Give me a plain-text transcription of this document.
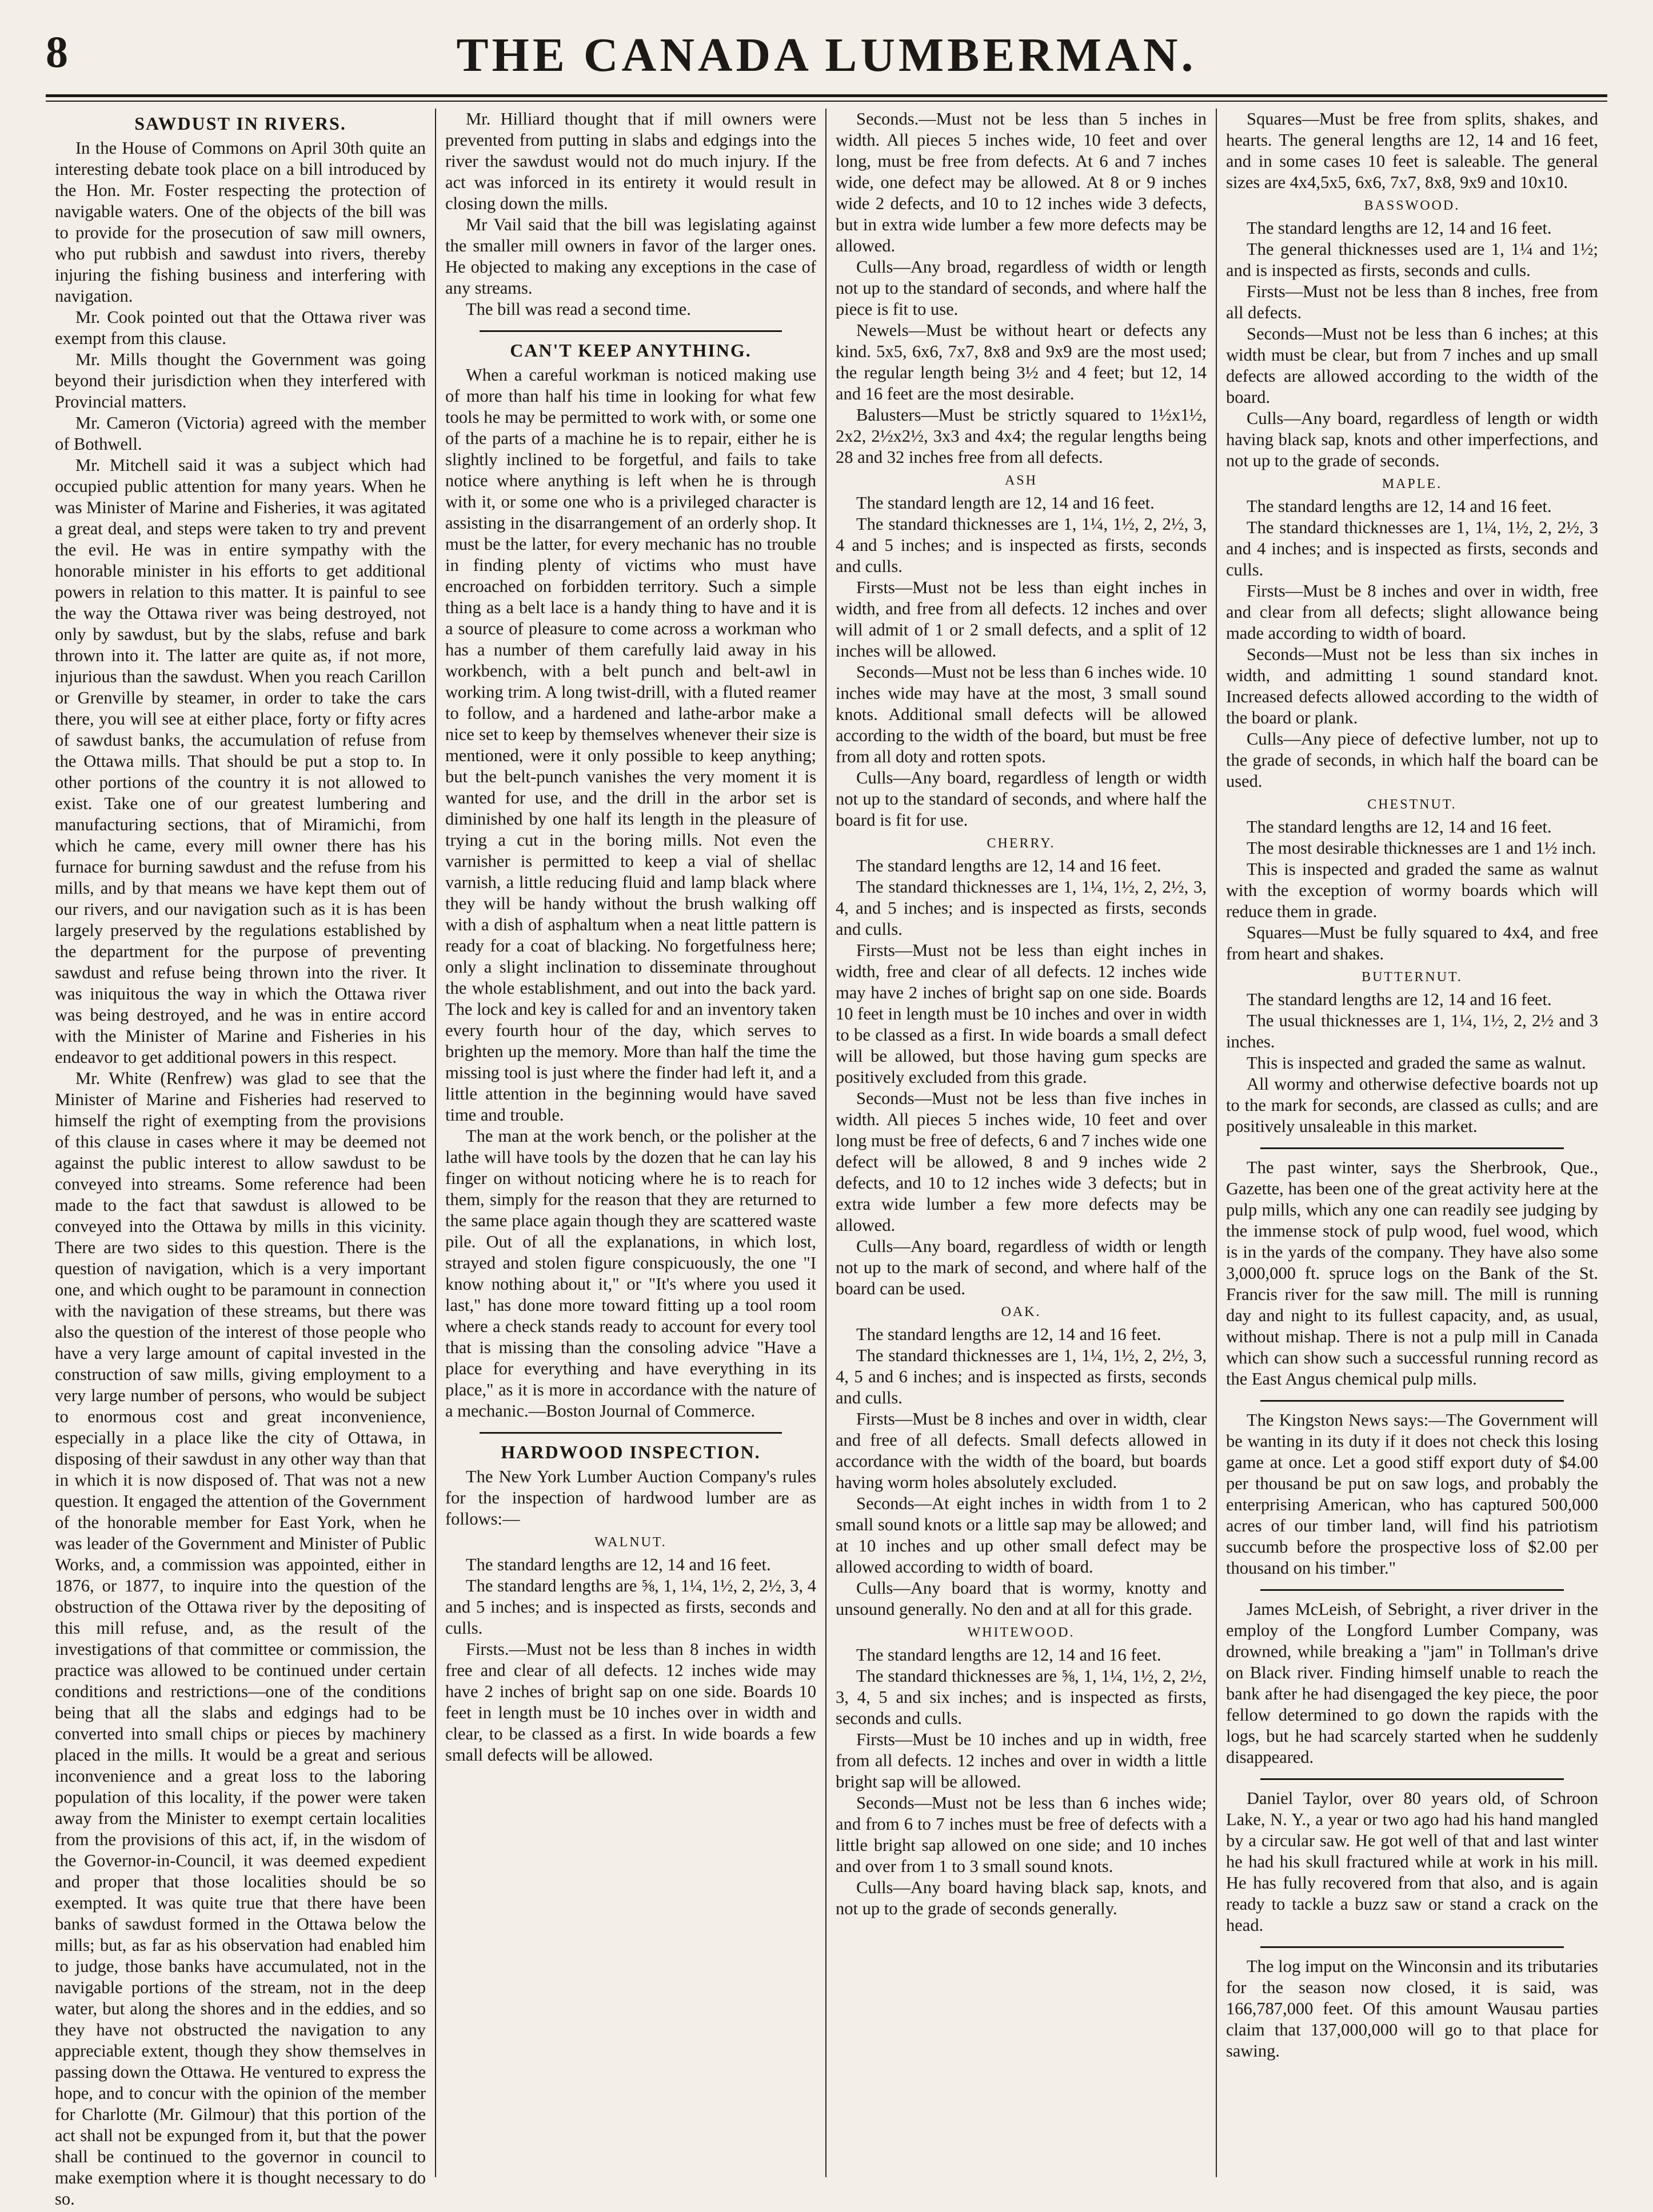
8	THE CANADA LUMBERMAN.
SAWDUST IN RIVERS.

In the House of Commons on April 30th quite an interesting debate took place on a bill introduced by the Hon. Mr. Foster respecting the protection of navigable waters. One of the objects of the bill was to provide for the prosecution of saw mill owners, who put rubbish and sawdust into rivers, thereby injuring the fishing business and interfering with navigation.

Mr. Cook pointed out that the Ottawa river was exempt from this clause.

Mr. Mills thought the Government was going beyond their jurisdiction when they interfered with Provincial matters.

Mr. Cameron (Victoria) agreed with the member of Bothwell.

Mr. Mitchell said it was a subject which had occupied public attention for many years. When he was Minister of Marine and Fisheries, it was agitated a great deal, and steps were taken to try and prevent the evil. He was in entire sympathy with the honorable minister in his efforts to get additional powers in relation to this matter. It is painful to see the way the Ottawa river was being destroyed, not only by sawdust, but by the slabs, refuse and bark thrown into it. The latter are quite as, if not more, injurious than the sawdust. When you reach Carillon or Grenville by steamer, in order to take the cars there, you will see at either place, forty or fifty acres of sawdust banks, the accumulation of refuse from the Ottawa mills. That should be put a stop to. In other portions of the country it is not allowed to exist. Take one of our greatest lumbering and manufacturing sections, that of Miramichi, from which he came, every mill owner there has his furnace for burning sawdust and the refuse from his mills, and by that means we have kept them out of our rivers, and our navigation such as it is has been largely preserved by the regulations established by the department for the purpose of preventing sawdust and refuse being thrown into the river. It was iniquitous the way in which the Ottawa river was being destroyed, and he was in entire accord with the Minister of Marine and Fisheries in his endeavor to get additional powers in this respect.

Mr. White (Renfrew) was glad to see that the Minister of Marine and Fisheries had reserved to himself the right of exempting from the provisions of this clause in cases where it may be deemed not against the public interest to allow sawdust to be conveyed into streams. Some reference had been made to the fact that sawdust is allowed to be conveyed into the Ottawa by mills in this vicinity. There are two sides to this question. There is the question of navigation, which is a very important one, and which ought to be paramount in connection with the navigation of these streams, but there was also the question of the interest of those people who have a very large amount of capital invested in the construction of saw mills, giving employment to a very large number of persons, who would be subject to enormous cost and great inconvenience, especially in a place like the city of Ottawa, in disposing of their sawdust in any other way than that in which it is now disposed of. That was not a new question. It engaged the attention of the Government of the honorable member for East York, when he was leader of the Government and Minister of Public Works, and, a commission was appointed, either in 1876, or 1877, to inquire into the question of the obstruction of the Ottawa river by the depositing of this mill refuse, and, as the result of the investigations of that committee or commission, the practice was allowed to be continued under certain conditions and restrictions—one of the conditions being that all the slabs and edgings had to be converted into small chips or pieces by machinery placed in the mills. It would be a great and serious inconvenience and a great loss to the laboring population of this locality, if the power were taken away from the Minister to exempt certain localities from the provisions of this act, if, in the wisdom of the Governor-in-Council, it was deemed expedient and proper that those localities should be so exempted. It was quite true that there have been banks of sawdust formed in the Ottawa below the mills; but, as far as his observation had enabled him to judge, those banks have accumulated, not in the navigable portions of the stream, not in the deep water, but along the shores and in the eddies, and so they have not obstructed the navigation to any appreciable extent, though they show themselves in passing down the Ottawa. He ventured to express the hope, and to concur with the opinion of the member for Charlotte (Mr. Gilmour) that this portion of the act shall not be expunged from it, but that the power shall be continued to the governor in council to make exemption where it is thought necessary to do so.

Mr. Hilliard thought that if mill owners were prevented from putting in slabs and edgings into the river the sawdust would not do much injury. If the act was inforced in its entirety it would result in closing down the mills.

Mr Vail said that the bill was legislating against the smaller mill owners in favor of the larger ones. He objected to making any exceptions in the case of any streams.

The bill was read a second time.

CAN'T KEEP ANYTHING.

When a careful workman is noticed making use of more than half his time in looking for what few tools he may be permitted to work with, or some one of the parts of a machine he is to repair, either he is slightly inclined to be forgetful, and fails to take notice where anything is left when he is through with it, or some one who is a privileged character is assisting in the disarrangement of an orderly shop. It must be the latter, for every mechanic has no trouble in finding plenty of victims who must have encroached on forbidden territory. Such a simple thing as a belt lace is a handy thing to have and it is a source of pleasure to come across a workman who has a number of them carefully laid away in his workbench, with a belt punch and belt-awl in working trim. A long twist-drill, with a fluted reamer to follow, and a hardened and lathe-arbor make a nice set to keep by themselves whenever their size is mentioned, were it only possible to keep anything; but the belt-punch vanishes the very moment it is wanted for use, and the drill in the arbor set is diminished by one half its length in the pleasure of trying a cut in the boring mills. Not even the varnisher is permitted to keep a vial of shellac varnish, a little reducing fluid and lamp black where they will be handy without the brush walking off with a dish of asphaltum when a neat little pattern is ready for a coat of blacking. No forgetfulness here; only a slight inclination to disseminate throughout the whole establishment, and out into the back yard. The lock and key is called for and an inventory taken every fourth hour of the day, which serves to brighten up the memory. More than half the time the missing tool is just where the finder had left it, and a little attention in the beginning would have saved time and trouble.

The man at the work bench, or the polisher at the lathe will have tools by the dozen that he can lay his finger on without noticing where he is to reach for them, simply for the reason that they are returned to the same place again though they are scattered waste pile. Out of all the explanations, in which lost, strayed and stolen figure conspicuously, the one "I know nothing about it," or "It's where you used it last," has done more toward fitting up a tool room where a check stands ready to account for every tool that is missing than the consoling advice "Have a place for everything and have everything in its place," as it is more in accordance with the nature of a mechanic.—Boston Journal of Commerce.

HARDWOOD INSPECTION.

The New York Lumber Auction Company's rules for the inspection of hardwood lumber are as follows:—

WALNUT.

The standard lengths are 12, 14 and 16 feet.

The standard lengths are ⅝, 1, 1¼, 1½, 2, 2½, 3, 4 and 5 inches; and is inspected as firsts, seconds and culls.

Firsts.—Must not be less than 8 inches in width free and clear of all defects. 12 inches wide may have 2 inches of bright sap on one side. Boards 10 feet in length must be 10 inches over in width and clear, to be classed as a first. In wide boards a few small defects will be allowed.

Seconds.—Must not be less than 5 inches in width. All pieces 5 inches wide, 10 feet and over long, must be free from defects. At 6 and 7 inches wide, one defect may be allowed. At 8 or 9 inches wide 2 defects, and 10 to 12 inches wide 3 defects, but in extra wide lumber a few more defects may be allowed.

Culls—Any broad, regardless of width or length not up to the standard of seconds, and where half the piece is fit to use.

Newels—Must be without heart or defects any kind. 5x5, 6x6, 7x7, 8x8 and 9x9 are the most used; the regular length being 3½ and 4 feet; but 12, 14 and 16 feet are the most desirable.

Balusters—Must be strictly squared to 1½x1½, 2x2, 2½x2½, 3x3 and 4x4; the regular lengths being 28 and 32 inches free from all defects.

ASH

The standard length are 12, 14 and 16 feet.

The standard thicknesses are 1, 1¼, 1½, 2, 2½, 3, 4 and 5 inches; and is inspected as firsts, seconds and culls.

Firsts—Must not be less than eight inches in width, and free from all defects. 12 inches and over will admit of 1 or 2 small defects, and a split of 12 inches will be allowed.

Seconds—Must not be less than 6 inches wide. 10 inches wide may have at the most, 3 small sound knots. Additional small defects will be allowed according to the width of the board, but must be free from all doty and rotten spots.

Culls—Any board, regardless of length or width not up to the standard of seconds, and where half the board is fit for use.

CHERRY.

The standard lengths are 12, 14 and 16 feet.

The standard thicknesses are 1, 1¼, 1½, 2, 2½, 3, 4, and 5 inches; and is inspected as firsts, seconds and culls.

Firsts—Must not be less than eight inches in width, free and clear of all defects. 12 inches wide may have 2 inches of bright sap on one side. Boards 10 feet in length must be 10 inches and over in width to be classed as a first. In wide boards a small defect will be allowed, but those having gum specks are positively excluded from this grade.

Seconds—Must not be less than five inches in width. All pieces 5 inches wide, 10 feet and over long must be free of defects, 6 and 7 inches wide one defect will be allowed, 8 and 9 inches wide 2 defects, and 10 to 12 inches wide 3 defects; but in extra wide lumber a few more defects may be allowed.

Culls—Any board, regardless of width or length not up to the mark of second, and where half of the board can be used.

OAK.

The standard lengths are 12, 14 and 16 feet.

The standard thicknesses are 1, 1¼, 1½, 2, 2½, 3, 4, 5 and 6 inches; and is inspected as firsts, seconds and culls.

Firsts—Must be 8 inches and over in width, clear and free of all defects. Small defects allowed in accordance with the width of the board, but boards having worm holes absolutely excluded.

Seconds—At eight inches in width from 1 to 2 small sound knots or a little sap may be allowed; and at 10 inches and up other small defect may be allowed according to width of board.

Culls—Any board that is wormy, knotty and unsound generally. No den and at all for this grade.

WHITEWOOD.

The standard lengths are 12, 14 and 16 feet.

The standard thicknesses are ⅝, 1, 1¼, 1½, 2, 2½, 3, 4, 5 and six inches; and is inspected as firsts, seconds and culls.

Firsts—Must be 10 inches and up in width, free from all defects. 12 inches and over in width a little bright sap will be allowed.

Seconds—Must not be less than 6 inches wide; and from 6 to 7 inches must be free of defects with a little bright sap allowed on one side; and 10 inches and over from 1 to 3 small sound knots.

Culls—Any board having black sap, knots, and not up to the grade of seconds generally.

Squares—Must be free from splits, shakes, and hearts. The general lengths are 12, 14 and 16 feet, and in some cases 10 feet is saleable. The general sizes are 4x4,5x5, 6x6, 7x7, 8x8, 9x9 and 10x10.

BASSWOOD.

The standard lengths are 12, 14 and 16 feet.

The general thicknesses used are 1, 1¼ and 1½; and is inspected as firsts, seconds and culls.

Firsts—Must not be less than 8 inches, free from all defects.

Seconds—Must not be less than 6 inches; at this width must be clear, but from 7 inches and up small defects are allowed according to the width of the board.

Culls—Any board, regardless of length or width having black sap, knots and other imperfections, and not up to the grade of seconds.

MAPLE.

The standard lengths are 12, 14 and 16 feet.

The standard thicknesses are 1, 1¼, 1½, 2, 2½, 3 and 4 inches; and is inspected as firsts, seconds and culls.

Firsts—Must be 8 inches and over in width, free and clear from all defects; slight allowance being made according to width of board.

Seconds—Must not be less than six inches in width, and admitting 1 sound standard knot. Increased defects allowed according to the width of the board or plank.

Culls—Any piece of defective lumber, not up to the grade of seconds, in which half the board can be used.

CHESTNUT.

The standard lengths are 12, 14 and 16 feet.

The most desirable thicknesses are 1 and 1½ inch.

This is inspected and graded the same as walnut with the exception of wormy boards which will reduce them in grade.

Squares—Must be fully squared to 4x4, and free from heart and shakes.

BUTTERNUT.

The standard lengths are 12, 14 and 16 feet.

The usual thicknesses are 1, 1¼, 1½, 2, 2½ and 3 inches.

This is inspected and graded the same as walnut.

All wormy and otherwise defective boards not up to the mark for seconds, are classed as culls; and are positively unsaleable in this market.

The past winter, says the Sherbrook, Que., Gazette, has been one of the great activity here at the pulp mills, which any one can readily see judging by the immense stock of pulp wood, fuel wood, which is in the yards of the company. They have also some 3,000,000 ft. spruce logs on the Bank of the St. Francis river for the saw mill. The mill is running day and night to its fullest capacity, and, as usual, without mishap. There is not a pulp mill in Canada which can show such a successful running record as the East Angus chemical pulp mills.

The Kingston News says:—The Government will be wanting in its duty if it does not check this losing game at once. Let a good stiff export duty of $4.00 per thousand be put on saw logs, and probably the enterprising American, who has captured 500,000 acres of our timber land, will find his patriotism succumb before the prospective loss of $2.00 per thousand on his timber."

James McLeish, of Sebright, a river driver in the employ of the Longford Lumber Company, was drowned, while breaking a "jam" in Tollman's drive on Black river. Finding himself unable to reach the bank after he had disengaged the key piece, the poor fellow determined to go down the rapids with the logs, but he had scarcely started when he suddenly disappeared.

Daniel Taylor, over 80 years old, of Schroon Lake, N. Y., a year or two ago had his hand mangled by a circular saw. He got well of that and last winter he had his skull fractured while at work in his mill. He has fully recovered from that also, and is again ready to tackle a buzz saw or stand a crack on the head.

The log imput on the Winconsin and its tributaries for the season now closed, it is said, was 166,787,000 feet. Of this amount Wausau parties claim that 137,000,000 will go to that place for sawing.
